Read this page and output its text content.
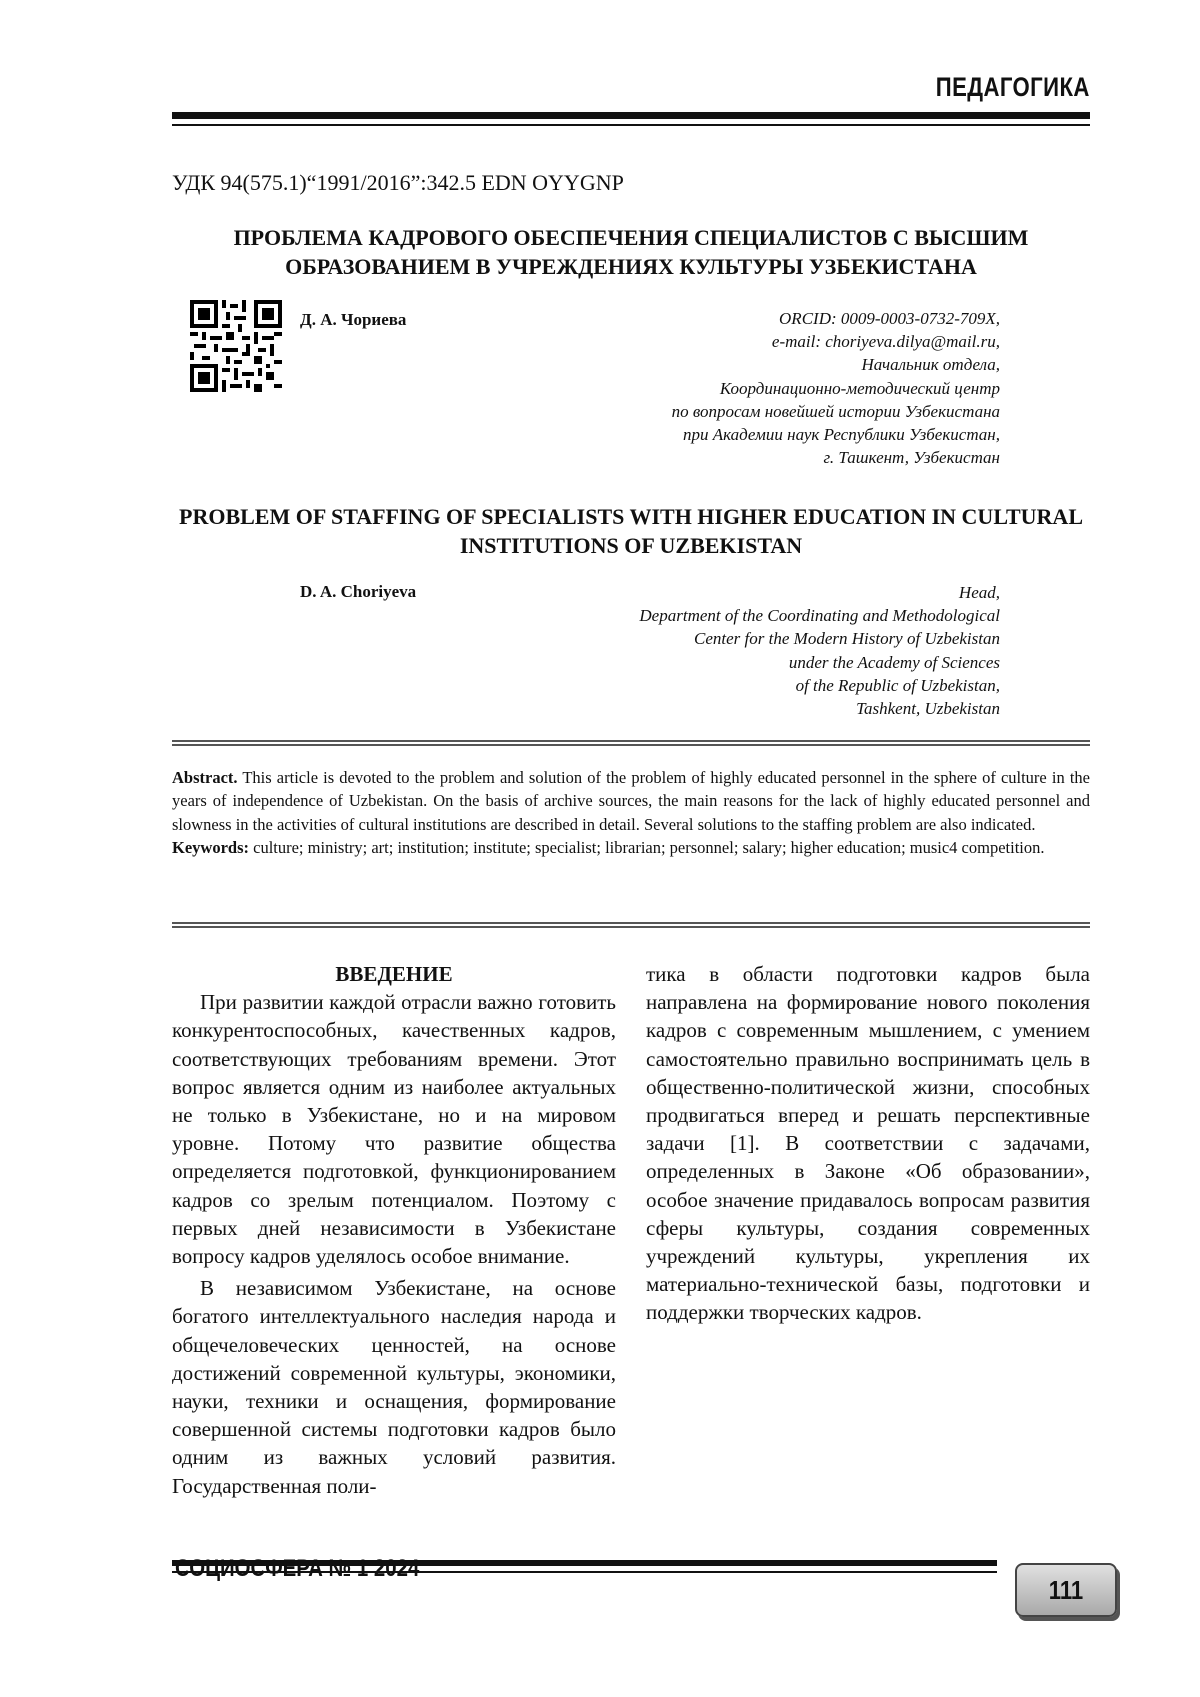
ПЕДАГОГИКА
УДК 94(575.1)“1991/2016”:342.5 EDN OYYGNP
ПРОБЛЕМА КАДРОВОГО ОБЕСПЕЧЕНИЯ СПЕЦИАЛИСТОВ С ВЫСШИМ ОБРАЗОВАНИЕМ В УЧРЕЖДЕНИЯХ КУЛЬТУРЫ УЗБЕКИСТАНА
Д. А. Чориева	ORCID: 0009-0003-0732-709X,
e-mail: choriyeva.dilya@mail.ru,
Начальник отдела,
Координационно-методический центр
по вопросам новейшей истории Узбекистана
при Академии наук Республики Узбекистан,
г. Ташкент, Узбекистан
PROBLEM OF STAFFING OF SPECIALISTS WITH HIGHER EDUCATION IN CULTURAL INSTITUTIONS OF UZBEKISTAN
D. A. Choriyeva	Head,
Department of the Coordinating and Methodological
Center for the Modern History of Uzbekistan
under the Academy of Sciences
of the Republic of Uzbekistan,
Tashkent, Uzbekistan
Abstract. This article is devoted to the problem and solution of the problem of highly educated personnel in the sphere of culture in the years of independence of Uzbekistan. On the basis of archive sources, the main reasons for the lack of highly educated personnel and slowness in the activities of cultural institutions are described in detail. Several solutions to the staffing problem are also indicated.
Keywords: culture; ministry; art; institution; institute; specialist; librarian; personnel; salary; higher education; music4 competition.

ВВЕДЕНИЕ

При развитии каждой отрасли важно готовить конкурентоспособных, качественных кадров, соответствующих требованиям времени. Этот вопрос является одним из наиболее актуальных не только в Узбекистане, но и на мировом уровне. Потому что развитие общества определяется подготовкой, функционированием кадров со зрелым потенциалом. Поэтому с первых дней независимости в Узбекистане вопросу кадров уделялось особое внимание.

В независимом Узбекистане, на основе богатого интеллектуального наследия народа и общечеловеческих ценностей, на основе достижений современной культуры, экономики, науки, техники и оснащения, формирование совершенной системы подготовки кадров было одним из важных условий развития. Государственная поли-

тика в области подготовки кадров была направлена на формирование нового поколения кадров с современным мышлением, с умением самостоятельно правильно воспринимать цель в общественно-политической жизни, способных продвигаться вперед и решать перспективные задачи [1]. В соответствии с задачами, определенных в Законе «Об образовании», особое значение придавалось вопросам развития сферы культуры, создания современных учреждений культуры, укрепления их материально-технической базы, подготовки и поддержки творческих кадров.

СОЦИОСФЕРА № 1 2024
111
